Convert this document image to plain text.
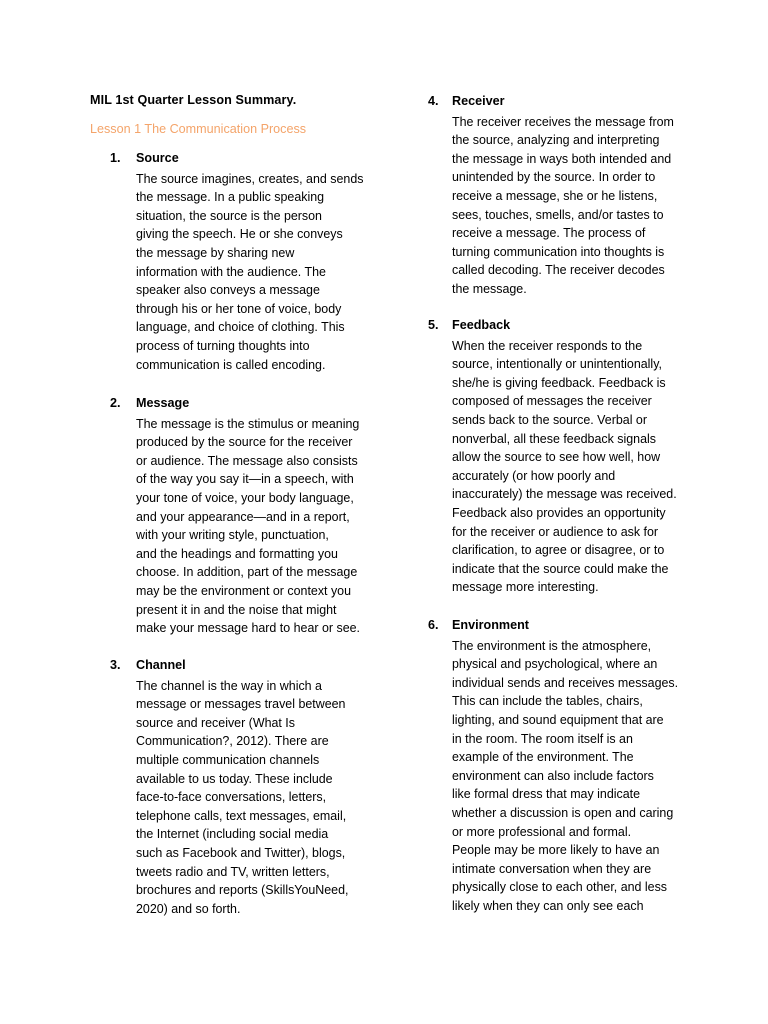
MIL 1st Quarter Lesson Summary.
Lesson 1 The Communication Process
1. Source
The source imagines, creates, and sends
the message. In a public speaking
situation, the source is the person
giving the speech. He or she conveys
the message by sharing new
information with the audience. The
speaker also conveys a message
through his or her tone of voice, body
language, and choice of clothing. This
process of turning thoughts into
communication is called encoding.
2. Message
The message is the stimulus or meaning
produced by the source for the receiver
or audience. The message also consists
of the way you say it—in a speech, with
your tone of voice, your body language,
and your appearance—and in a report,
with your writing style, punctuation,
and the headings and formatting you
choose. In addition, part of the message
may be the environment or context you
present it in and the noise that might
make your message hard to hear or see.
3. Channel
The channel is the way in which a
message or messages travel between
source and receiver (What Is
Communication?, 2012). There are
multiple communication channels
available to us today. These include
face-to-face conversations, letters,
telephone calls, text messages, email,
the Internet (including social media
such as Facebook and Twitter), blogs,
tweets radio and TV, written letters,
brochures and reports (SkillsYouNeed,
2020) and so forth.
4. Receiver
The receiver receives the message from
the source, analyzing and interpreting
the message in ways both intended and
unintended by the source. In order to
receive a message, she or he listens,
sees, touches, smells, and/or tastes to
receive a message. The process of
turning communication into thoughts is
called decoding. The receiver decodes
the message.
5. Feedback
When the receiver responds to the
source, intentionally or unintentionally,
she/he is giving feedback. Feedback is
composed of messages the receiver
sends back to the source. Verbal or
nonverbal, all these feedback signals
allow the source to see how well, how
accurately (or how poorly and
inaccurately) the message was received.
Feedback also provides an opportunity
for the receiver or audience to ask for
clarification, to agree or disagree, or to
indicate that the source could make the
message more interesting.
6. Environment
The environment is the atmosphere,
physical and psychological, where an
individual sends and receives messages.
This can include the tables, chairs,
lighting, and sound equipment that are
in the room. The room itself is an
example of the environment. The
environment can also include factors
like formal dress that may indicate
whether a discussion is open and caring
or more professional and formal.
People may be more likely to have an
intimate conversation when they are
physically close to each other, and less
likely when they can only see each
